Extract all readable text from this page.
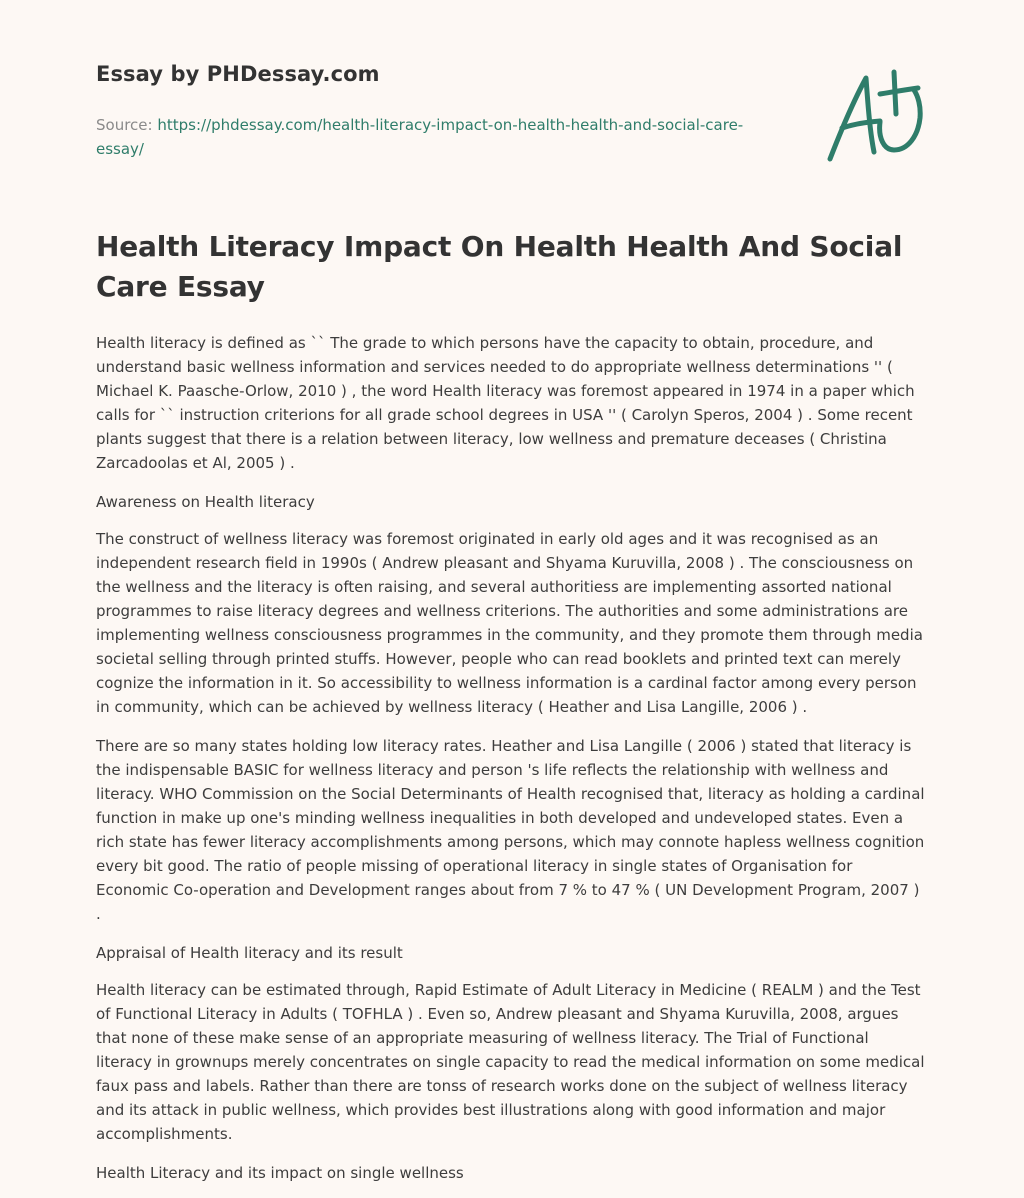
Essay by PHDessay.com

Source: https://phdessay.com/health-literacy-impact-on-health-health-and-social-care-essay/
Health Literacy Impact On Health Health And Social Care Essay

Health literacy is defined as `` The grade to which persons have the capacity to obtain, procedure, and understand basic wellness information and services needed to do appropriate wellness determinations '' ( Michael K. Paasche-Orlow, 2010 ) , the word Health literacy was foremost appeared in 1974 in a paper which calls for `` instruction criterions for all grade school degrees in USA '' ( Carolyn Speros, 2004 ) . Some recent plants suggest that there is a relation between literacy, low wellness and premature deceases ( Christina Zarcadoolas et Al, 2005 ) .

Awareness on Health literacy

The construct of wellness literacy was foremost originated in early old ages and it was recognised as an independent research field in 1990s ( Andrew pleasant and Shyama Kuruvilla, 2008 ) . The consciousness on the wellness and the literacy is often raising, and several authoritiess are implementing assorted national programmes to raise literacy degrees and wellness criterions. The authorities and some administrations are implementing wellness consciousness programmes in the community, and they promote them through media societal selling through printed stuffs. However, people who can read booklets and printed text can merely cognize the information in it. So accessibility to wellness information is a cardinal factor among every person in community, which can be achieved by wellness literacy ( Heather and Lisa Langille, 2006 ) .

There are so many states holding low literacy rates. Heather and Lisa Langille ( 2006 ) stated that literacy is the indispensable BASIC for wellness literacy and person 's life reflects the relationship with wellness and literacy. WHO Commission on the Social Determinants of Health recognised that, literacy as holding a cardinal function in make up one's minding wellness inequalities in both developed and undeveloped states. Even a rich state has fewer literacy accomplishments among persons, which may connote hapless wellness cognition every bit good. The ratio of people missing of operational literacy in single states of Organisation for Economic Co-operation and Development ranges about from 7 % to 47 % ( UN Development Program, 2007 ) .

Appraisal of Health literacy and its result

Health literacy can be estimated through, Rapid Estimate of Adult Literacy in Medicine ( REALM ) and the Test of Functional Literacy in Adults ( TOFHLA ) . Even so, Andrew pleasant and Shyama Kuruvilla, 2008, argues that none of these make sense of an appropriate measuring of wellness literacy. The Trial of Functional literacy in grownups merely concentrates on single capacity to read the medical information on some medical faux pass and labels. Rather than there are tonss of research works done on the subject of wellness literacy and its attack in public wellness, which provides best illustrations along with good information and major accomplishments.

Health Literacy and its impact on single wellness
